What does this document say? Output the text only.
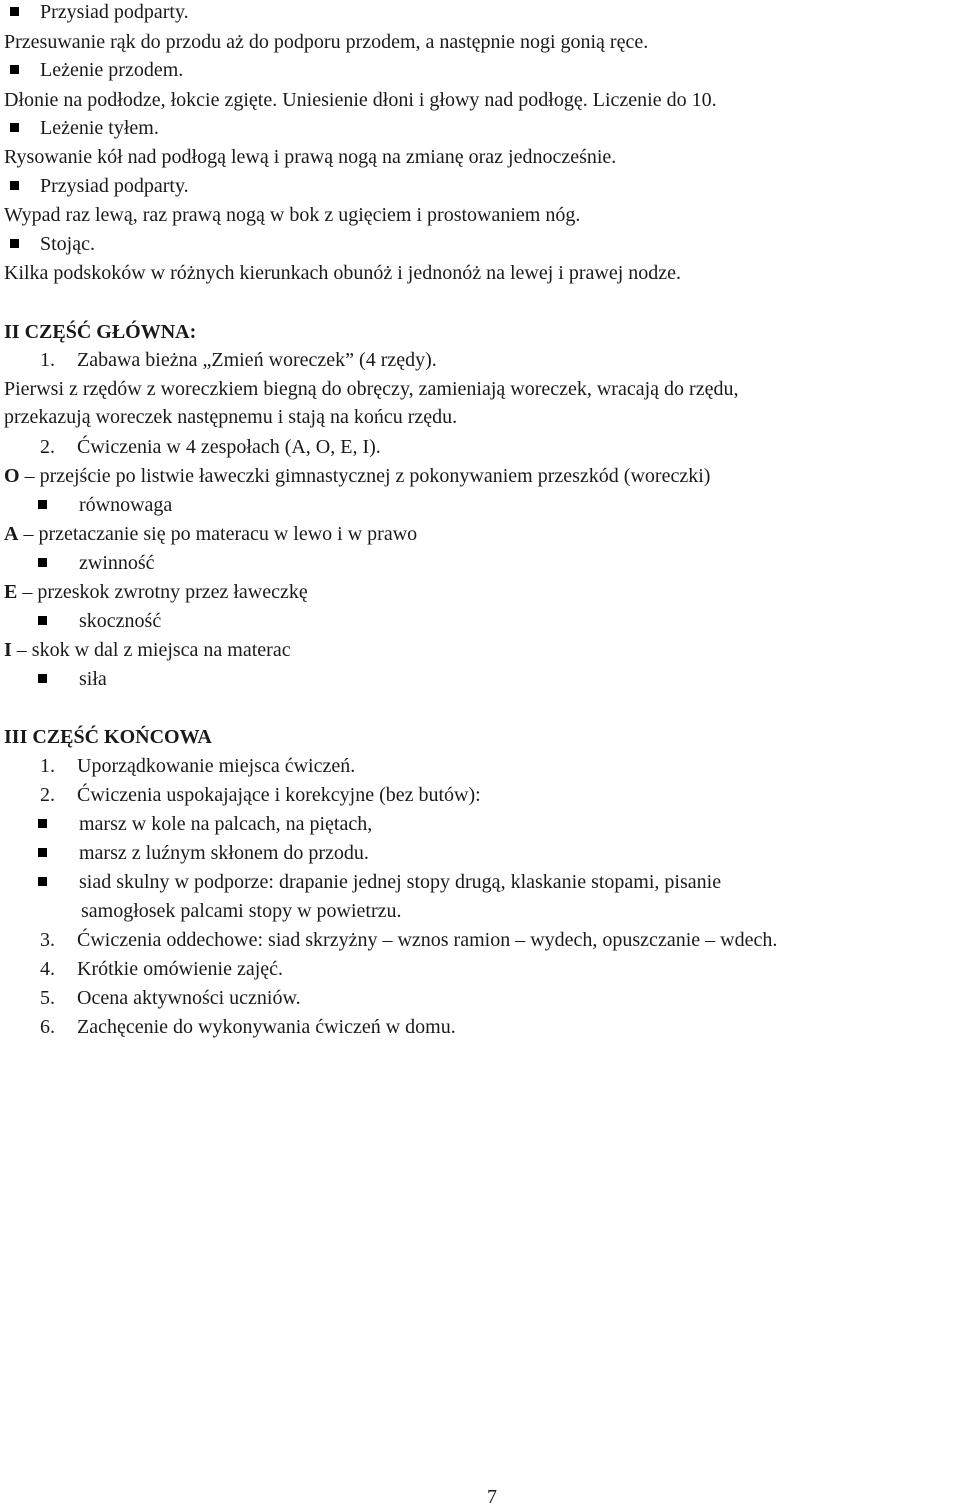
Przysiad podparty.
Przesuwanie rąk do przodu aż do podporu przodem, a następnie nogi gonią ręce.
Leżenie przodem.
Dłonie na podłodze, łokcie zgięte. Uniesienie dłoni i głowy nad podłogę. Liczenie do 10.
Leżenie tyłem.
Rysowanie kół nad podłogą lewą i prawą nogą na zmianę oraz jednocześnie.
Przysiad podparty.
Wypad raz lewą, raz prawą nogą w bok z ugięciem i prostowaniem nóg.
Stojąc.
Kilka podskoków w różnych kierunkach obunóż i jednonóż na lewej i prawej nodze.
II CZĘŚĆ GŁÓWNA:
1. Zabawa bieżna „Zmień woreczek” (4 rzędy).
Pierwsi z rzędów z woreczkiem biegną do obręczy, zamieniają woreczek, wracają do rzędu,
przekazują woreczek następnemu i stają na końcu rzędu.
2. Ćwiczenia w 4 zespołach (A, O, E, I).
O – przejście po listwie ławeczki gimnastycznej z pokonywaniem przeszkód (woreczki)
równowaga
A – przetaczanie się po materacu w lewo i w prawo
zwinność
E – przeskok zwrotny przez ławeczkę
skoczność
I – skok w dal z miejsca na materac
siła
III CZĘŚĆ KOŃCOWA
1. Uporządkowanie miejsca ćwiczeń.
2. Ćwiczenia uspokajające i korekcyjne (bez butów):
marsz w kole na palcach, na piętach,
marsz z luźnym skłonem do przodu.
siad skulny w podporze: drapanie jednej stopy drugą, klaskanie stopami, pisanie
samogłosek palcami stopy w powietrzu.
3. Ćwiczenia oddechowe: siad skrzyżny – wznos ramion – wydech, opuszczanie – wdech.
4. Krótkie omówienie zajęć.
5. Ocena aktywności uczniów.
6. Zachęcenie do wykonywania ćwiczeń w domu.
7
